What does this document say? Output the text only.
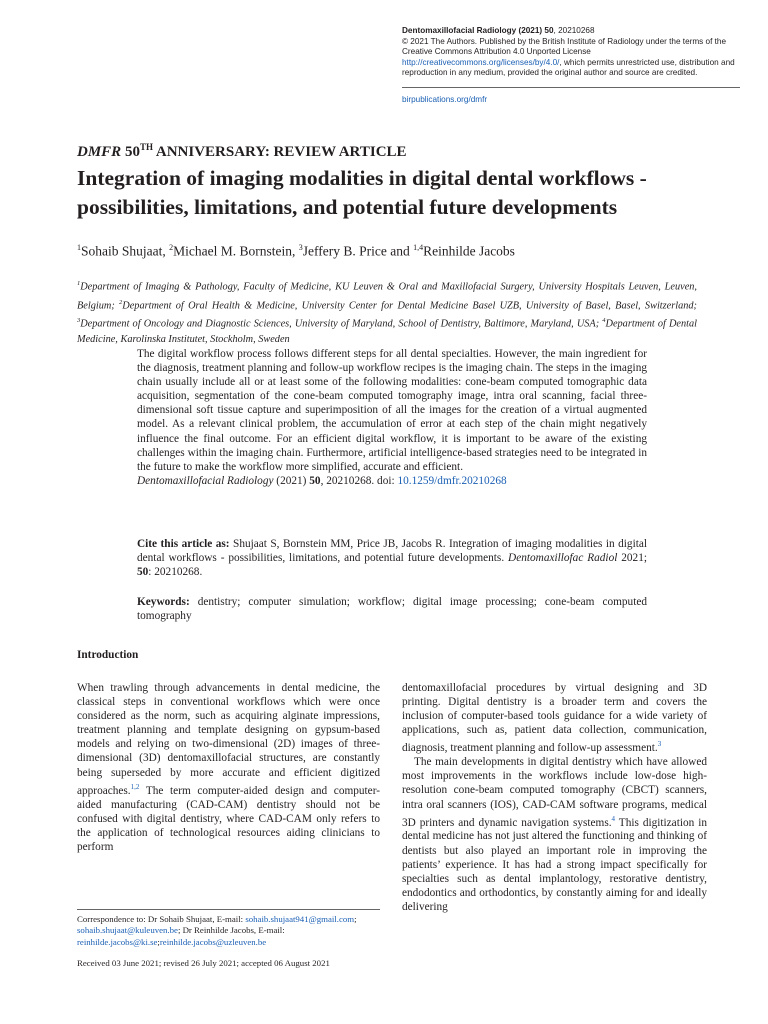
Dentomaxillofacial Radiology (2021) 50, 20210268
© 2021 The Authors. Published by the British Institute of Radiology under the terms of the Creative Commons Attribution 4.0 Unported License http://creativecommons.org/licenses/by/4.0/, which permits unrestricted use, distribution and reproduction in any medium, provided the original author and source are credited.
birpublications.org/dmfr
DMFR 50TH ANNIVERSARY: REVIEW ARTICLE
Integration of imaging modalities in digital dental workflows - possibilities, limitations, and potential future developments
$^1$Sohaib Shujaat, $^2$Michael M. Bornstein, $^3$Jeffery B. Price and $^{1,4}$Reinhilde Jacobs
$^1$Department of Imaging & Pathology, Faculty of Medicine, KU Leuven & Oral and Maxillofacial Surgery, University Hospitals Leuven, Leuven, Belgium; $^2$Department of Oral Health & Medicine, University Center for Dental Medicine Basel UZB, University of Basel, Basel, Switzerland; $^3$Department of Oncology and Diagnostic Sciences, University of Maryland, School of Dentistry, Baltimore, Maryland, USA; $^4$Department of Dental Medicine, Karolinska Institutet, Stockholm, Sweden

The digital workflow process follows different steps for all dental specialties. However, the main ingredient for the diagnosis, treatment planning and follow-up workflow recipes is the imaging chain. The steps in the imaging chain usually include all or at least some of the following modalities: cone-beam computed tomographic data acquisition, segmentation of the cone-beam computed tomography image, intra oral scanning, facial three-dimensional soft tissue capture and superimposition of all the images for the creation of a virtual augmented model. As a relevant clinical problem, the accumulation of error at each step of the chain might negatively influence the final outcome. For an efficient digital workflow, it is important to be aware of the existing challenges within the imaging chain. Furthermore, artificial intelligence-based strategies need to be integrated in the future to make the workflow more simplified, accurate and efficient.

Dentomaxillofacial Radiology (2021) 50, 20210268. doi: 10.1259/dmfr.20210268

Cite this article as: Shujaat S, Bornstein MM, Price JB, Jacobs R. Integration of imaging modalities in digital dental workflows - possibilities, limitations, and potential future developments. Dentomaxillofac Radiol 2021; 50: 20210268.
Keywords: dentistry; computer simulation; workflow; digital image processing; cone-beam computed tomography
Introduction
When trawling through advancements in dental medicine, the classical steps in conventional workflows which were once considered as the norm, such as acquiring alginate impressions, treatment planning and template designing on gypsum-based models and relying on two-dimensional (2D) images of three-dimensional (3D) dentomaxillofacial structures, are constantly being superseded by more accurate and efficient digitized approaches.$^{1,2}$ The term computer-aided design and computer-aided manufacturing (CAD-CAM) dentistry should not be confused with digital dentistry, where CAD-CAM only refers to the application of technological resources aiding clinicians to perform

dentomaxillofacial procedures by virtual designing and 3D printing. Digital dentistry is a broader term and covers the inclusion of computer-based tools guidance for a wide variety of applications, such as, patient data collection, communication, diagnosis, treatment planning and follow-up assessment.$^3$

The main developments in digital dentistry which have allowed most improvements in the workflows include low-dose high-resolution cone-beam computed tomography (CBCT) scanners, intra oral scanners (IOS), CAD-CAM software programs, medical 3D printers and dynamic navigation systems.$^4$ This digitization in dental medicine has not just altered the functioning and thinking of dentists but also played an important role in improving the patients’ experience. It has had a strong impact specifically for specialties such as dental implantology, restorative dentistry, endodontics and orthodontics, by constantly aiming for and ideally delivering

Correspondence to: Dr Sohaib Shujaat, E-mail: sohaib.shujaat941@gmail.com; sohaib.shujaat@kuleuven.be; Dr Reinhilde Jacobs, E-mail: reinhilde.jacobs@ki.se;reinhilde.jacobs@uzleuven.be
Received 03 June 2021; revised 26 July 2021; accepted 06 August 2021
